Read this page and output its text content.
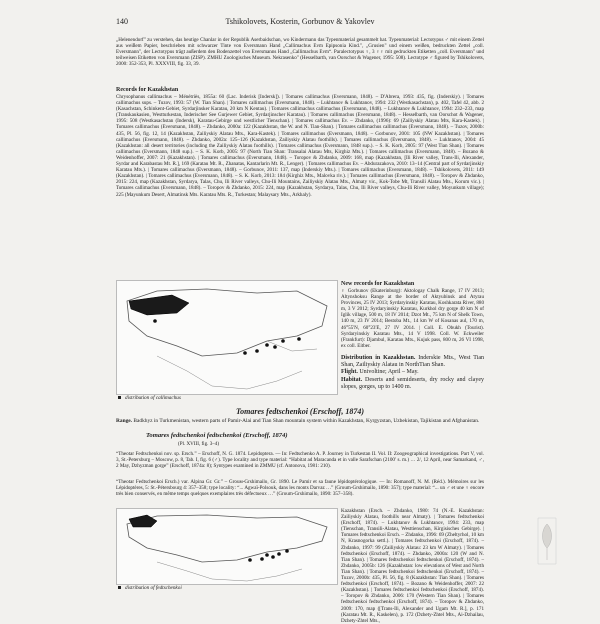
140	Tshikolovets, Kosterin, Gorbunov & Yakovlev

„Helenendorf" zu verstehen, das heutige Chanlar in der Republik Aserbaidschan, wo Kindermann das Typenmaterial gesammelt hat. Typenmaterial: Lectotypus ♂ mit einem Zettel aus weißem Papier, beschrieben mit schwarzer Tinte von Eversmann Hand „Callimachus Evm Epipsonia Kind.", „Grusien" und einem weißen, bedruckten Zettel „coll. Eversmann", der Lectotypus trägt außerdem den Bodenzettel von Eversmanns Hand „Callimachus Evm“. Paralectotypus ♀, 3 ♀♀ mit gedruckten Etiketten „coll. Eversmann" und teilweisen Etiketten von Eversmann (ZISP). ZMHU Zoologisches Museum. Nekrasenko" (Hesselbarth, van Oorschot & Wagener, 1995: 508). Lectotype ♂ figured by Tshikolovets, 2000: 352-353, Pl. XXXVIII, fig. 33, 39.

Records for Kazakhstan

Chrysophanus callimachus – Ménétriès, 1855a: 60 (Lac. Inderisk [Indersk]). | Tomares callimachus (Eversmann, 1848). – D'Abrera, 1993: 435, fig. (Inderskiy). | Tomares callimachus sups. – Tuzov, 1993: 57 (W. Tian Shan). | Tomares callimachus (Eversmann, 1848). – Lukhtanov & Lukhtanov, 1994: 232 (Westkasachstan), p. 402, Tafel 42, abb. 2 (Kasachstan, Schinkent-Gebiet, Syrdarjinsker Karatau, 20 km N Kentau). | Tomares callimachus callimachus (Eversmann, 1848). – Lukhtanov & Lukhtanov, 1994: 232–233, map (Transkaukasien, Westturkestan, Inderischer See Gurjewer Gebiet, Syrdarjinscher Karatau). | Tomares callimachus (Eversmann, 1848). – Hesselbarth, van Oorschot & Wagener, 1995: 508 (Westkasachstan (Indersk), Karatau-Gebirge und westlicher Tienschan). | Tomares callimachus Ev. – Zhdanko, (1996): 69 (Zailiyskiy Alatau Mts, Kara-Kastek). | Tomares callimachus (Eversmann, 1848). – Zhdanko, 2000a: 122 (Kazakhstan, the W. and N. Tian-Shan). | Tomares callimachus callimachus (Eversmann, 1848). – Tuzov, 2000b: 435, Pl. 56, fig. 12, 14 (Kazakhstan, Zailiyskiy Alatau Mts., Kara-Kastek). | Tomares callimachus (Eversmann, 1848). – Gorbunov, 2001: 105 (NW Kazakhstan). | Tomares callimachus (Eversmann, 1848). – Zhdanko, 2002a: 125–126 (Kazakhstan, Zailiyskiy Alatau foothills). | Tomares callimachus (Eversmann, 1848). – Lukhtanov, 2004: 45 (Kazakhstan: all desert territories (including the Zailiyskiy Alatau foothills). | Tomares callimachus (Eversmann, 1848 sup.). – S. K. Korb, 2005: 97 (West Tian Shan). | Tomares callimachus (Eversmann, 1848 sup.). – S. K. Korb, 2005: 97 (North Tian Shan: Transalai Alatau Mts, Kirghiz Mts.). | Tomares callimachus (Eversmann, 1848). – Bozano & Weidenhoffer, 2007: 21 (Kazakhstan). | Tomares callimachus (Eversmann, 1848). – Toropov & Zhdanko, 2009: 168, map (Kazakhstan, [Ili River valley, Trans-Ili, Alexander, Syrdar and Karabastau Mt. R.], 169 (Karatau Mt. R., Zhanatas, Kantarlarin Mt. R., Lenger). | Tomares callimachus Ev. – Abdurazakova, 2010: 13–14 (Central part of Syrdarjinskiy Karatau Mts.). | Tomares callimachus (Eversmann, 1848). – Gorbunov, 2011: 137, map (Inderskiy Mts.). | Tomares callimachus (Eversmann, 1848). – Tshikolovets, 2011: 149 (Kazakhstan). | Tomares callimachus (Eversmann, 1848). – S. K. Korb, 2013: 184 (Kirghiz Mts., Malovka riv.). | Tomares callimachus (Eversmann, 1848). – Toropov & Zhdanko, 2015: 224, map (Kazakhstan, Syrdarya, Talas, Chu, Ili River valleys, Chu-Ili Mountains, Zailiyskiy Alatau Mts., Almaty vic., Kok-Tobe Mt, Transili Alatau Mts., Korum vic.). | Tomares callimachus (Eversmann, 1848). – Toropov & Zhdanko, 2015: 224, map (Kazakhstan, Syrdarya, Talas, Chu, Ili River valleys, Chu-Ili River valley, Moyunkum village); 225 (Mayunkum Desert, Almatinsk Mts. Karatau Mts. R., Turkestan; Malaysary Mts., Arkhaly).

distribution of callimachus
New records for Kazakhstan

♀ Gorbunov (Ekaterinburg): Aktologay Chalk Range, 17 IV 2013; Altynshoksu Range at the border of Aktyubinsk and Atyrau Provinces, 25 IV 2013; Syrdaryinskiy Karatau, Koshkarata River, 880 m, 3 V 2012; Syrdaryinskiy Karatau, Kurkhol dry gorge 40 km N of Iglik village, 500 m, 18 IV 2014; Dzot Mt., 75 km N of Shelk Town, 140 m, 23 IV 2014; Bestoba Mt., 14 km W of Kosanas aul, 170 m, 46°55'N, 60°23'E, 27 IV 2014. | Coll. E. Obukh (Tourist). Syrdaryinskiy Karatau Mts., 14 V 1998. Coll. W. Eckweiler (Frankfurt): Djambul, Karatau Mts., Kujuk pass, 800 m, 26 VI 1998, ex coll. Eitber.

Distribution in Kazakhstan. Inderskie Mts., West Tian Shan, Zailiyskiy Alatau in NorthTian Shan.

Flight. Univoltine; April – May.

Habitat. Deserts and semideserts, dry rocky and clayey slopes, gorges, up to 1400 m.

Tomares fedtschenkoi (Erschoff, 1874)

Range. Badkhyz in Turkmenistan, western parts of Pamir-Alai and Tian Shan mountain system within Kazakhstan, Kyrgyzstan, Uzbekistan, Tajikistan and Afghanistan.

Tomares fedtschenkoi fedtschenkoi (Erschoff, 1874)
(Pl. XVIII, fig. 3–4)

“Theotar Fedtschenkoi nov. sp. Ersch.” – Erschoff, N. G. 1874. Lepidoptera. — In: Fedtschenko A. P. Journey in Turkestan II. Vol. II: Zoogeographical investigations. Part V, vol. 3, St.-Petersburg – Moscow, p. 8, Tab. I, fig. 6 (♂). Type locality and type material: “Habitat ad Maracanda et in valle Sarafschan (2100′ s. m.) … 2/, 12 April, near Samarkand, ♂, 2 May, Dzhyzman gorge” (Erschoff, 1874a: 8); Syntypes examined in ZMMU (cf. Antonova, 1981: 210).

“Theotar Fedtschenkoi Ersch.) var. Alpina Gr. Gr.” – Grouм-Grshimailo, Gr. 1890. Le Pamir et sa faune lépidoptérologique. — In: Romanoff, N. M. (Réd.). Mémoires sur les Lépidoptères, 5: St.-Pétersbourg 4: 357–358; type locality: “... Agwaï-Polsouk, dans les monts Darvaz …” (Groum-Grshimailo, 1890: 357); type material: “... un ♂ et une ♀ encore très bien conservés, en même temps quelques exemplaires très défectueux …” (Groum-Grshimailo, 1890: 357–358).

distribution of fedtschenkoi

Kazakhstan (Ersch. – Zhdanko, 1980: 74 (N.-E. Kazakhstan: Zailiyskiy Alatau, foothills near Almaty). | Tomares fedtschenkoi (Erschoff, 1874). – Lukhtanov & Lukhtanov, 1994: 233, map (Tienschan, Transili-Alatau, Westtienschan, Kirgisisches Gebirge). | Tomares fedtschenkoi Ersch. – Zhdanko, 1996: 69 (Zheltyrhol, 10 km N, Krasnogorka settl.). | Tomares fedtschenkoi (Erschoff, 1874). – Zhdanko, 1997: 99 (Zailiyskiy Alatau: 23 km W Almaty). | Tomares fedtschenkoi (Erschoff, 1874). – Zhdanko, 2000a: 120 (W and N. Tian Shan). | Tomares fedtschenkoi fedtschenkoi (Erschoff, 1874). – Zhdanko, 2005b: 126 (Kazakhstan: low elevations of West and North Tian Shan). | Tomares fedtschenkoi fedtschenkoi (Erschoff, 1874). – Tuzov, 2000b: 435, Pl. 56, fig. 8 (Kazakhstan: Tian Shan). | Tomares fedtschenkoi (Erschoff, 1874). – Bozano & Weidenhoffer, 2007: 22 (Kazakhstan). | Tomares fedtschenkoi fedtschenkoi (Erschoff, 1874). – Toropov & Zhdanko, 2006: 170 (Western Tian Shan). | Tomares fedtschenkoi fedtschenkoi (Erschoff, 1874). – Toropov & Zhdanko, 2009: 170, map ([Trans-Ili, Alexander and Ugam Mt. R.], p. 171 (Karatau Mt. R., Kaskelen), p. 172 (Dzhety-Zhtel Mts., Ai-Dzhailau, Dzhety-Zhtel Mts.,
